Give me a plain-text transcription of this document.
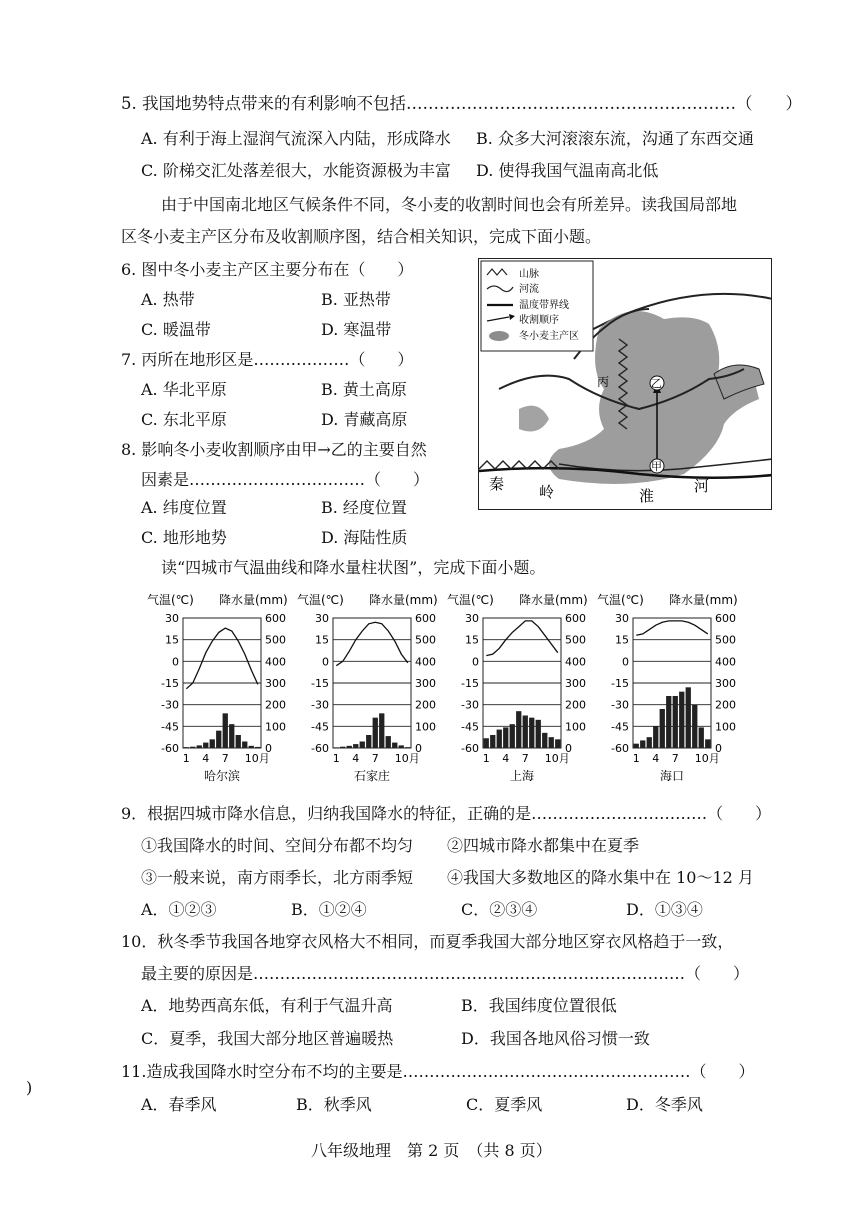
5. 我国地势特点带来的有利影响不包括……………………………………………………（　　）
A. 有利于海上湿润气流深入内陆，形成降水 B. 众多大河滚滚东流，沟通了东西交通
C. 阶梯交汇处落差很大，水能资源极为丰富 D. 使得我国气温南高北低
由于中国南北地区气候条件不同，冬小麦的收割时间也会有所差异。读我国局部地
区冬小麦主产区分布及收割顺序图，结合相关知识，完成下面小题。
6. 图中冬小麦主产区主要分布在（　　）
A. 热带	B. 亚热带
C. 暖温带	D. 寒温带
7. 丙所在地形区是………………（　　）
A. 华北平原	B. 黄土高原
C. 东北平原	D. 青藏高原
8. 影响冬小麦收割顺序由甲→乙的主要自然
因素是……………………………（　　）
A. 纬度位置	B. 经度位置
C. 地形地势	D. 海陆性质
乙
甲
丙
秦 岭	淮
河
山脉
河流
温度带界线
收割顺序
冬小麦主产区
读“四城市气温曲线和降水量柱状图”，完成下面小题。
气温(℃) 降水量(mm)
30	600
15	500
0	400
-15	300
-30	200
-45	100
-60	0
1 4 7 10月
哈尔滨
气温(℃) 降水量(mm)
30	600
15	500
0	400
-15	300
-30	200
-45	100
-60	0
1 4 7 10月
石家庄
气温(℃) 降水量(mm)
30	600
15	500
0	400
-15	300
-30	200
-45	100
-60	0
1 4 7 10月
上海
气温(℃) 降水量(mm)
30	600
15	500
0	400
-15	300
-30	200
-45	100
-60	0
1 4 7 10月
海口
9．根据四城市降水信息，归纳我国降水的特征，正确的是……………………………（　　）
①我国降水的时间、空间分布都不均匀 ②四城市降水都集中在夏季
③一般来说，南方雨季长，北方雨季短 ④我国大多数地区的降水集中在 10～12 月
A．①②③	B．①②④	C．②③④	D．①③④
10．秋冬季节我国各地穿衣风格大不相同，而夏季我国大部分地区穿衣风格趋于一致，
最主要的原因是………………………………………………………………………（　　）
A．地势西高东低，有利于气温升高	B．我国纬度位置很低
C．夏季，我国大部分地区普遍暖热	D．我国各地风俗习惯一致
11.造成我国降水时空分布不均的主要是………………………………………………（　　）
A．春季风	B．秋季风	C．夏季风	D．冬季风
)
八年级地理　第 2 页　（共 8 页）
